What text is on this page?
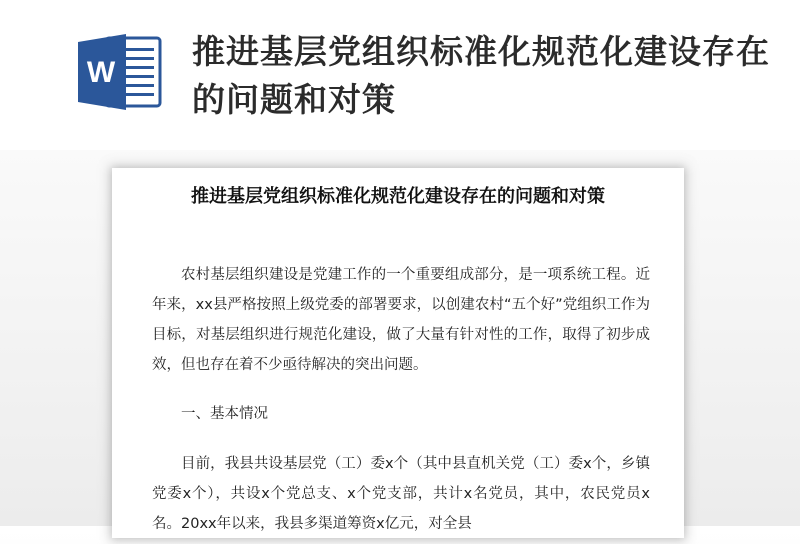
W
推进基层党组织标准化规范化建设存在的问题和对策
推进基层党组织标准化规范化建设存在的问题和对策
农村基层组织建设是党建工作的一个重要组成部分，是一项系统工程。近年来，xx县严格按照上级党委的部署要求，以创建农村“五个好”党组织工作为目标，对基层组织进行规范化建设，做了大量有针对性的工作，取得了初步成效，但也存在着不少亟待解决的突出问题。
一、基本情况
目前，我县共设基层党（工）委x个（其中县直机关党（工）委x个，乡镇党委x个），共设x个党总支、x个党支部，共计x名党员，其中，农民党员x名。20xx年以来，我县多渠道筹资x亿元，对全县
